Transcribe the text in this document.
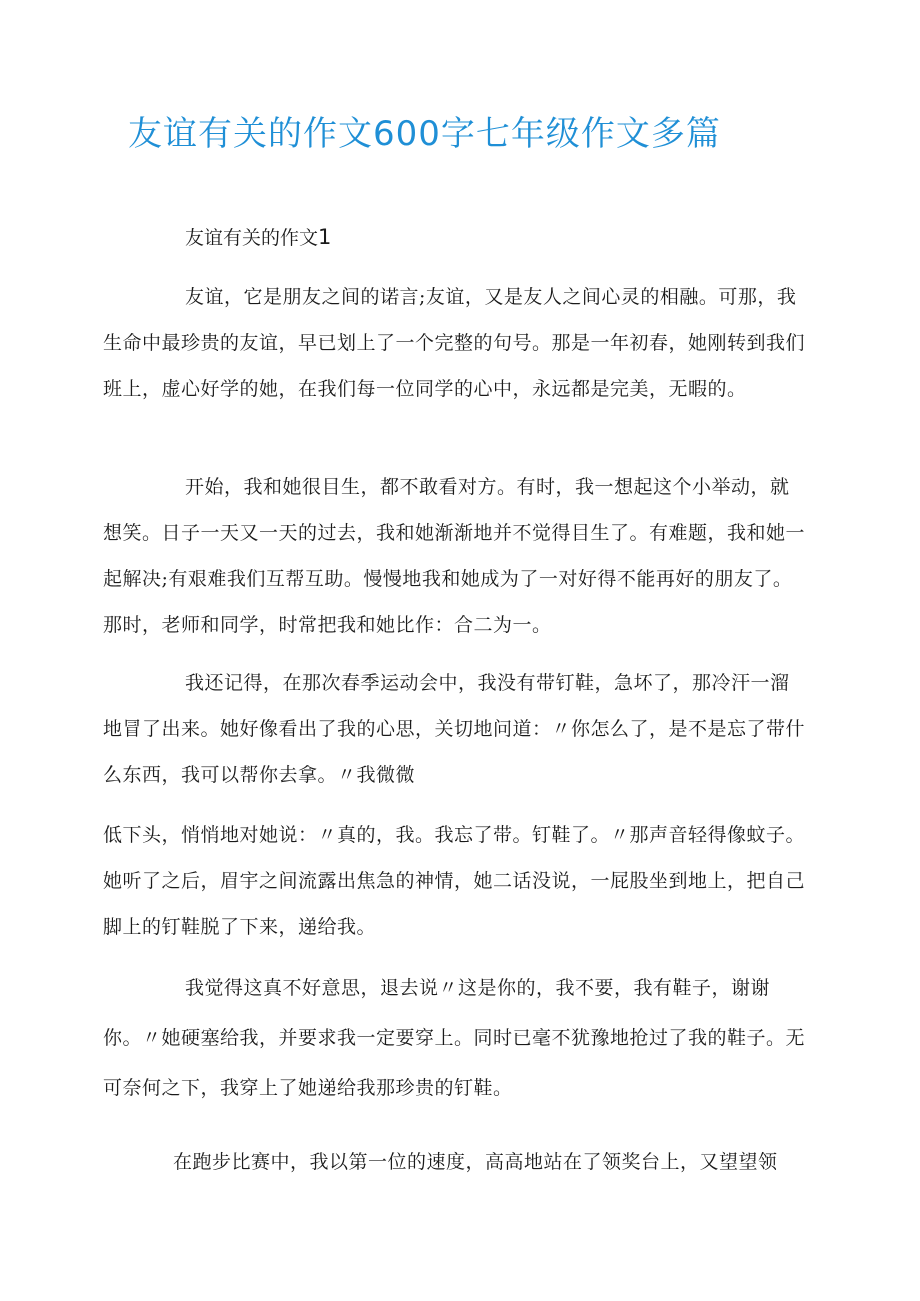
友谊有关的作文600字七年级作文多篇

友谊有关的作文1

友谊，它是朋友之间的诺言;友谊，又是友人之间心灵的相融。可那，我生命中最珍贵的友谊，早已划上了一个完整的句号。那是一年初春，她刚转到我们班上，虚心好学的她，在我们每一位同学的心中，永远都是完美，无暇的。

开始，我和她很目生，都不敢看对方。有时，我一想起这个小举动，就想笑。日子一天又一天的过去，我和她渐渐地并不觉得目生了。有难题，我和她一起解决;有艰难我们互帮互助。慢慢地我和她成为了一对好得不能再好的朋友了。那时，老师和同学，时常把我和她比作：合二为一。

我还记得，在那次春季运动会中，我没有带钉鞋，急坏了，那冷汗一溜地冒了出来。她好像看出了我的心思，关切地问道：〃你怎么了，是不是忘了带什么东西，我可以帮你去拿。〃我微微

低下头，悄悄地对她说：〃真的，我。我忘了带。钉鞋了。〃那声音轻得像蚊子。她听了之后，眉宇之间流露出焦急的神情，她二话没说，一屁股坐到地上，把自己脚上的钉鞋脱了下来，递给我。

我觉得这真不好意思，退去说〃这是你的，我不要，我有鞋子，谢谢你。〃她硬塞给我，并要求我一定要穿上。同时已毫不犹豫地抢过了我的鞋子。无可奈何之下，我穿上了她递给我那珍贵的钉鞋。

在跑步比赛中，我以第一位的速度，高高地站在了领奖台上，又望望领
